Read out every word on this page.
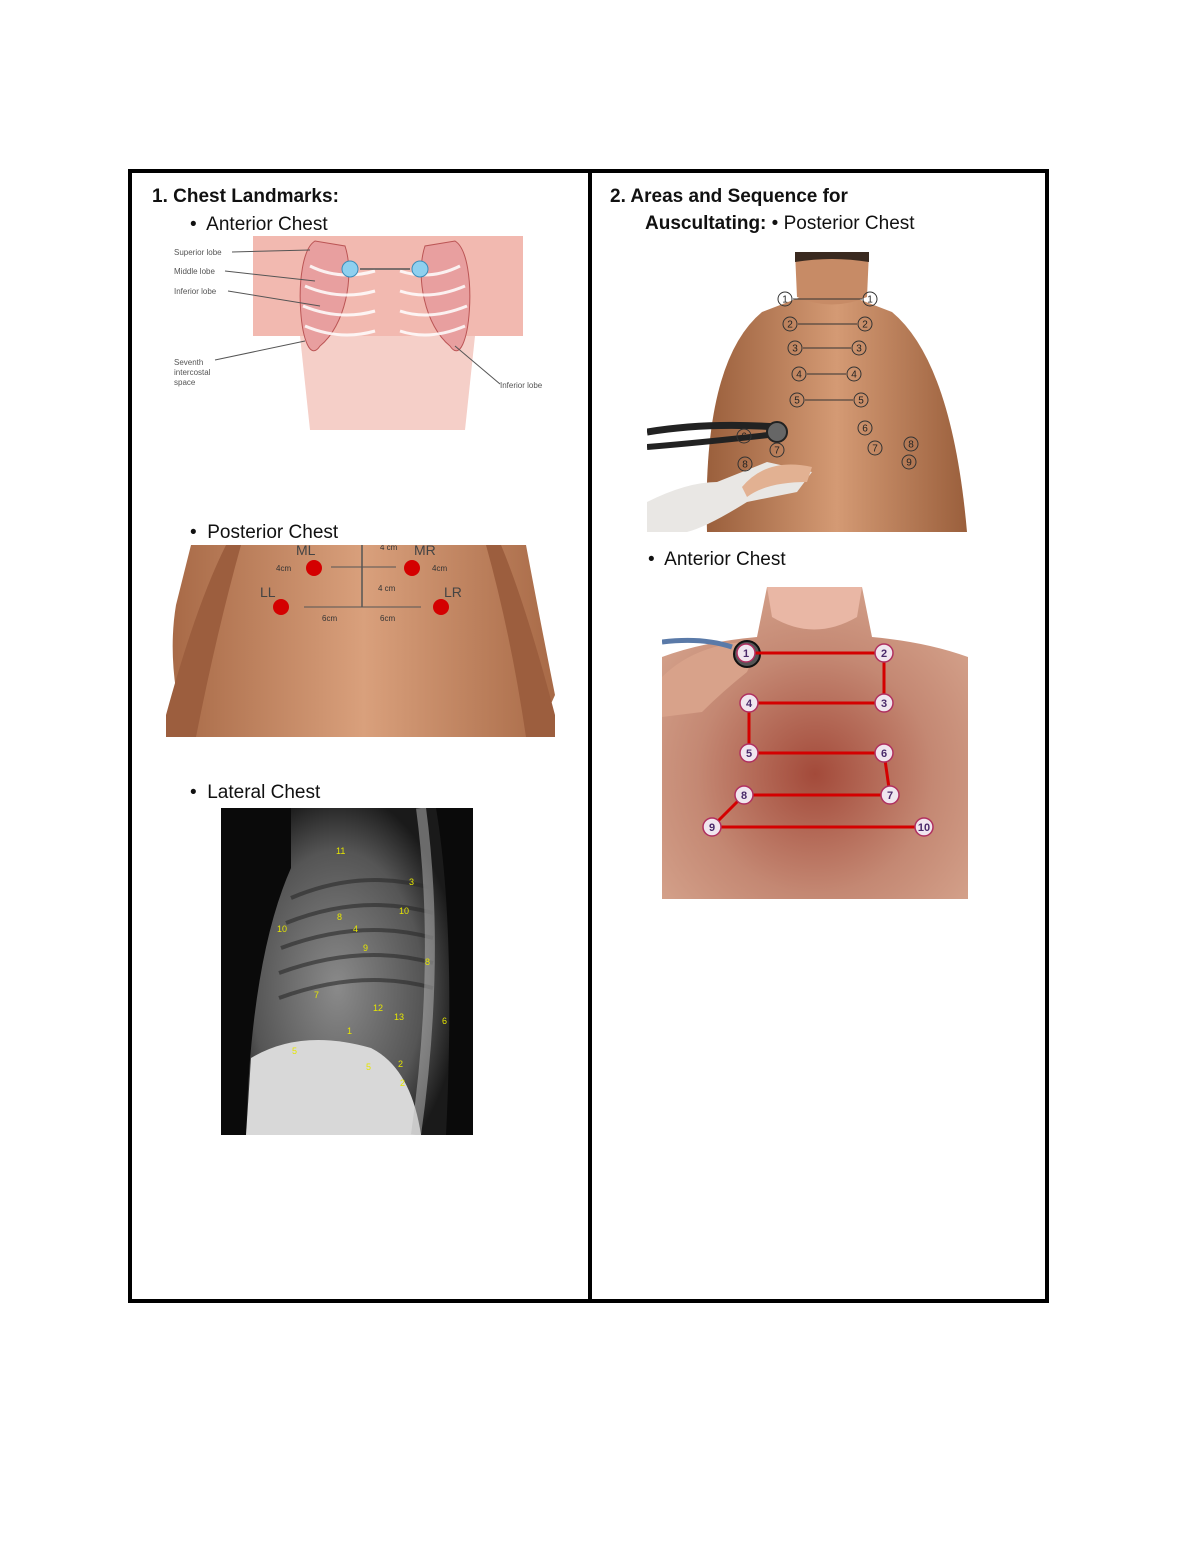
1. Chest Landmarks:
• Anterior Chest
Superior lobe
Middle lobe
Inferior lobe
Seventh
intercostal
space	Inferior lobe
• Posterior Chest
ML	MR
LL	LR
4cm
4 cm
4cm
4 cm
6cm	6cm
• Lateral Chest
11
3
10
8
10	4
9
8
7
12
13	6
1
5
2
5
2
2. Areas and Sequence for
Auscultating: • Posterior Chest
1	1
2	2
3	3
4	4
5	5
6
6
7	7	8
8	9
• Anterior Chest
1	2
3
4
5	6
7
8
9	10
